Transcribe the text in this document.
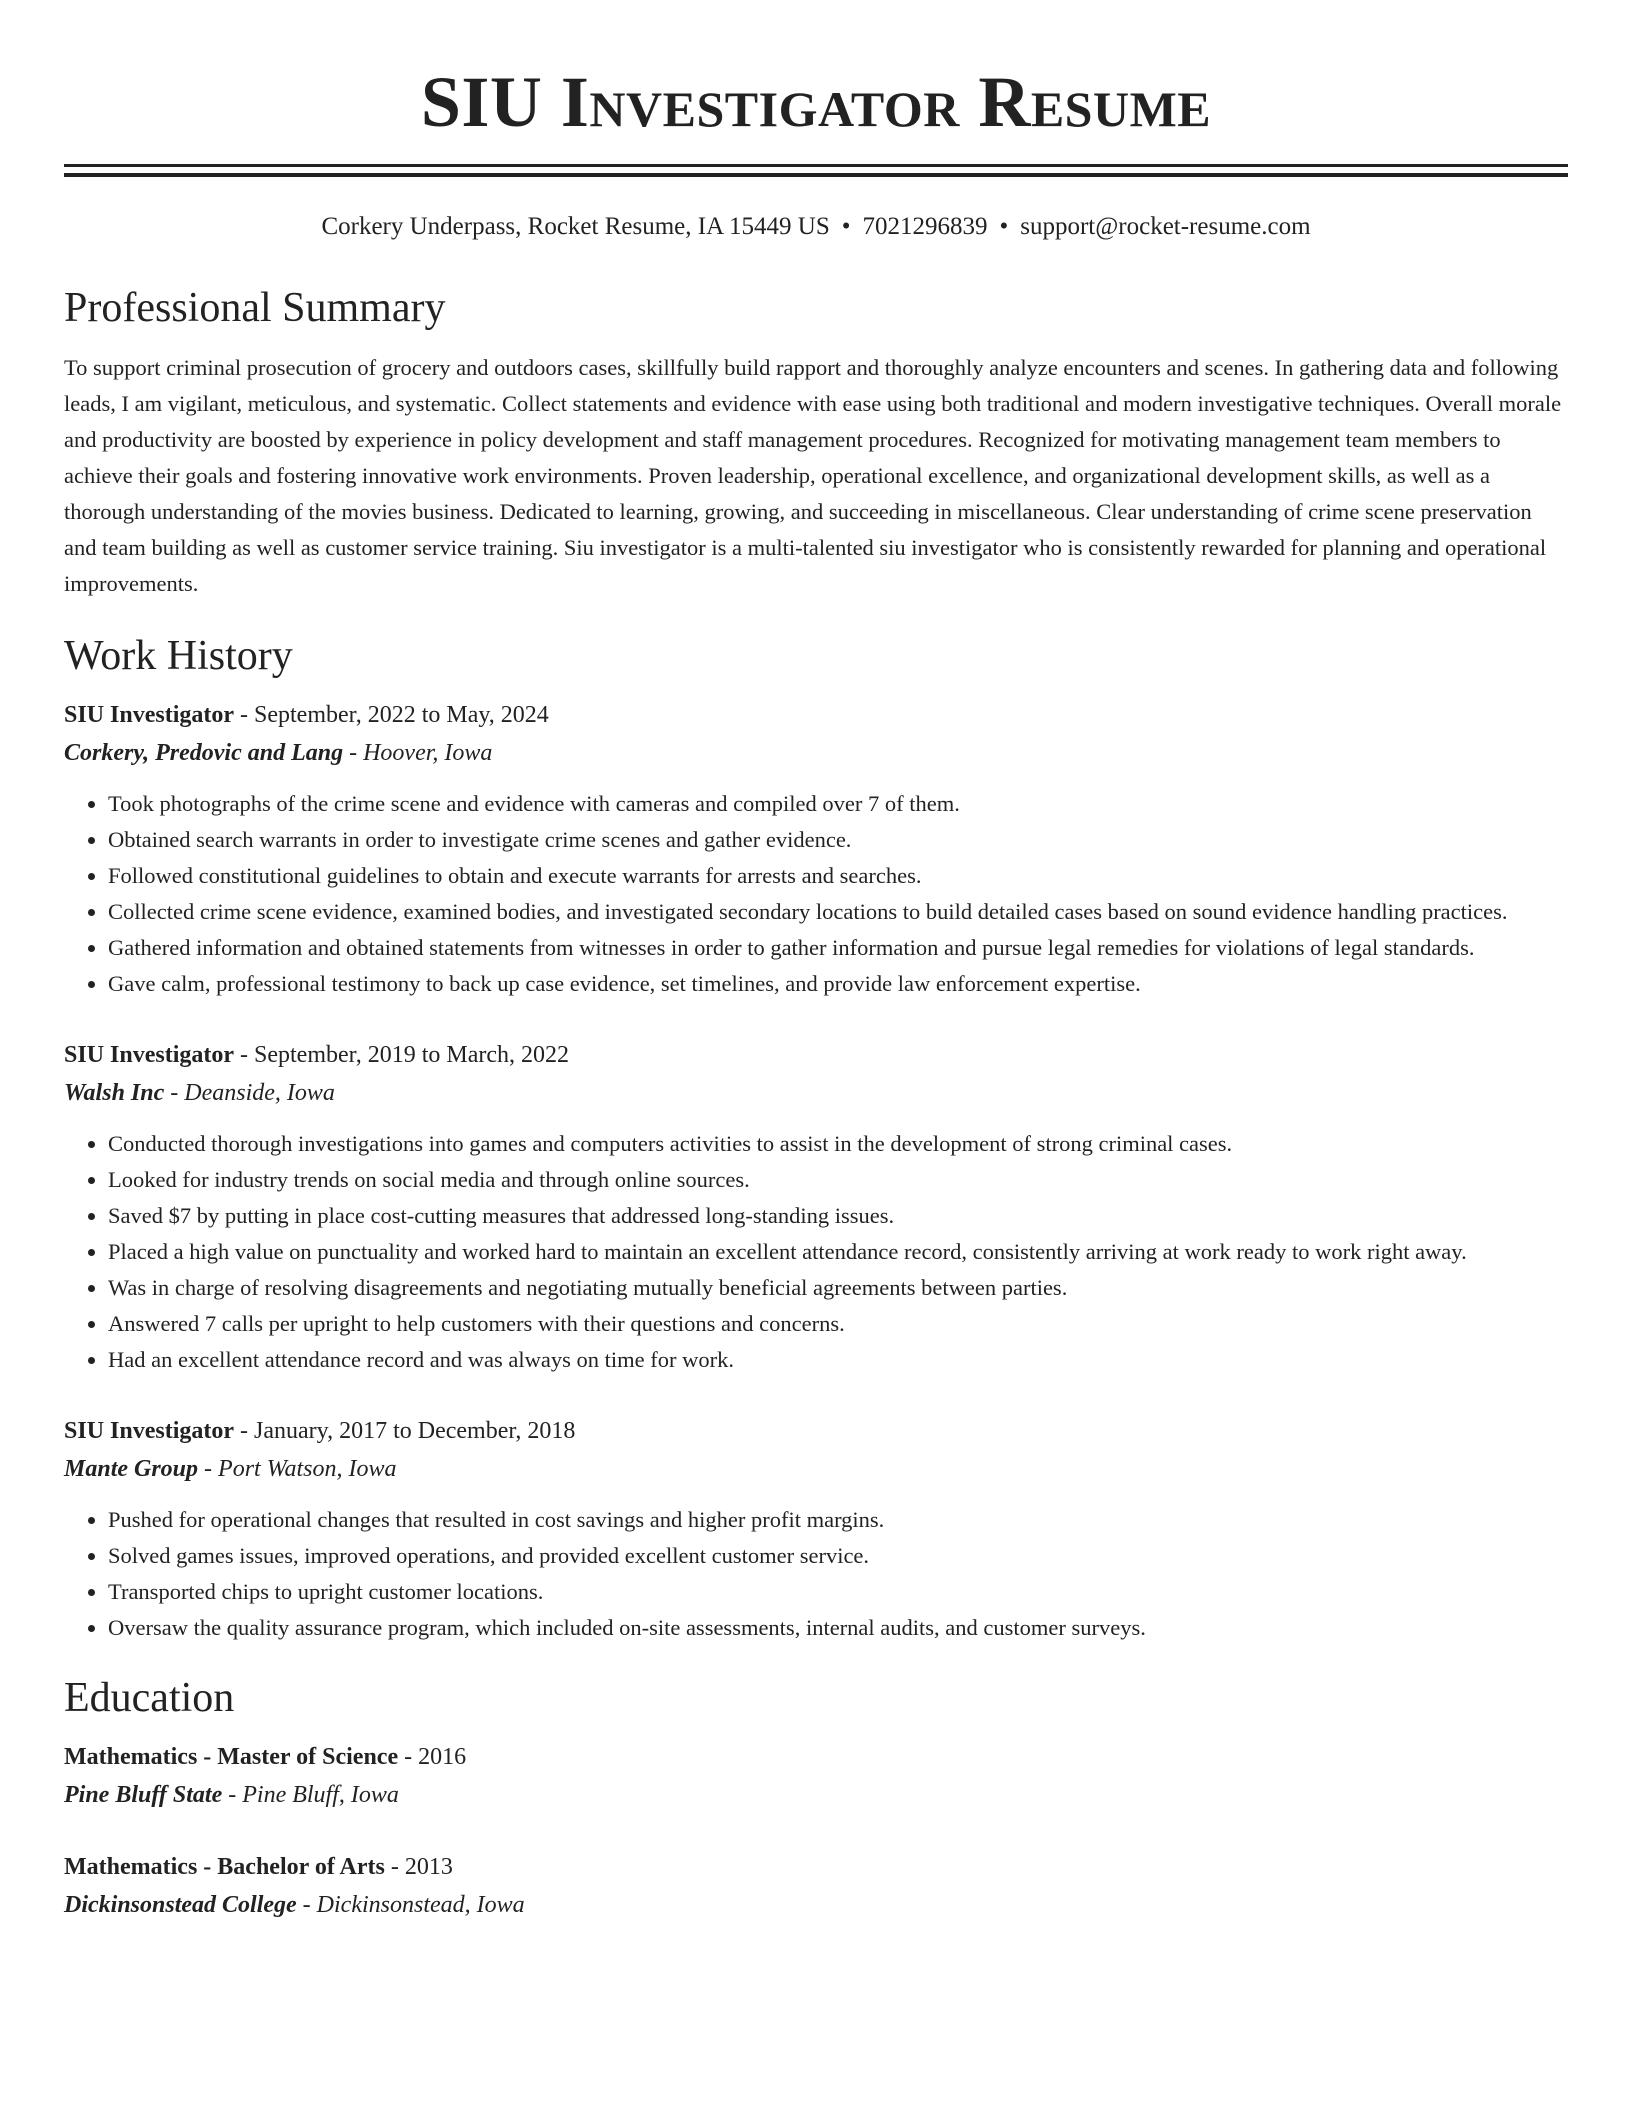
SIU Investigator Resume
Corkery Underpass, Rocket Resume, IA 15449 US • 7021296839 • support@rocket-resume.com
Professional Summary
To support criminal prosecution of grocery and outdoors cases, skillfully build rapport and thoroughly analyze encounters and scenes. In gathering data and following leads, I am vigilant, meticulous, and systematic. Collect statements and evidence with ease using both traditional and modern investigative techniques. Overall morale and productivity are boosted by experience in policy development and staff management procedures. Recognized for motivating management team members to achieve their goals and fostering innovative work environments. Proven leadership, operational excellence, and organizational development skills, as well as a thorough understanding of the movies business. Dedicated to learning, growing, and succeeding in miscellaneous. Clear understanding of crime scene preservation and team building as well as customer service training. Siu investigator is a multi-talented siu investigator who is consistently rewarded for planning and operational improvements.
Work History
SIU Investigator - September, 2022 to May, 2024
Corkery, Predovic and Lang - Hoover, Iowa
• Took photographs of the crime scene and evidence with cameras and compiled over 7 of them.
• Obtained search warrants in order to investigate crime scenes and gather evidence.
• Followed constitutional guidelines to obtain and execute warrants for arrests and searches.
• Collected crime scene evidence, examined bodies, and investigated secondary locations to build detailed cases based on sound evidence handling practices.
• Gathered information and obtained statements from witnesses in order to gather information and pursue legal remedies for violations of legal standards.
• Gave calm, professional testimony to back up case evidence, set timelines, and provide law enforcement expertise.
SIU Investigator - September, 2019 to March, 2022
Walsh Inc - Deanside, Iowa
• Conducted thorough investigations into games and computers activities to assist in the development of strong criminal cases.
• Looked for industry trends on social media and through online sources.
• Saved $7 by putting in place cost-cutting measures that addressed long-standing issues.
• Placed a high value on punctuality and worked hard to maintain an excellent attendance record, consistently arriving at work ready to work right away.
• Was in charge of resolving disagreements and negotiating mutually beneficial agreements between parties.
• Answered 7 calls per upright to help customers with their questions and concerns.
• Had an excellent attendance record and was always on time for work.
SIU Investigator - January, 2017 to December, 2018
Mante Group - Port Watson, Iowa
• Pushed for operational changes that resulted in cost savings and higher profit margins.
• Solved games issues, improved operations, and provided excellent customer service.
• Transported chips to upright customer locations.
• Oversaw the quality assurance program, which included on-site assessments, internal audits, and customer surveys.
Education
Mathematics - Master of Science - 2016
Pine Bluff State - Pine Bluff, Iowa
Mathematics - Bachelor of Arts - 2013
Dickinsonstead College - Dickinsonstead, Iowa
